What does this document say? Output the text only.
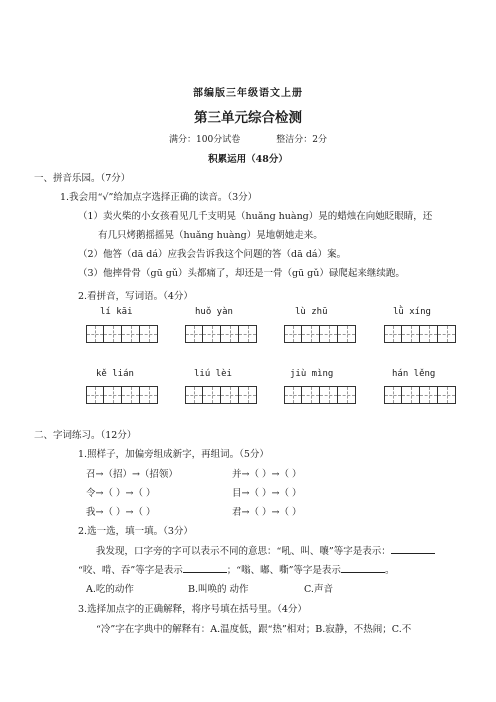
部编版三年级语文上册
第三单元综合检测
满分：100分试卷	整洁分：2分
积累运用（48分）
一、拼音乐园。（7分）
1.我会用“√”给加点字选择正确的读音。（3分）
（1）卖火柴的小女孩看见几千支明晃（huǎng huàng）晃的蜡烛在向她眨眼睛，还
有几只烤鹅摇摇晃（huǎng huàng）晃地朝她走来。
（2）他答（dā dá）应我会告诉我这个问题的答（dā dá）案。
（3）他摔骨骨（gū gǔ）头都痛了，却还是一骨（gū gǔ）碌爬起来继续跑。
2.看拼音，写词语。（4分）
lí kāi	huǒ yàn	lù zhū	lǜ xíng
kě lián	liú lèi	jiù mìng	hán lěng
二、字词练习。（12分）
1.照样子，加偏旁组成新字，再组词。（5分）
召→（招）→（招领）	并→（ ）→（ ）
令→（ ）→（ ）	目→（ ）→（ ）
我→（ ）→（ ）	君→（ ）→（ ）
2.选一选，填一填。（3分）
我发现，口字旁的字可以表示不同的意思：“吼、叫、嚷”等字是表示：
“咬、啃、吞”等字是表示	；“嗡、嘟、嘶”等字是表示	。
A.吃的动作	B.叫唤的 动作	C.声音
3.选择加点字的正确解释，将序号填在括号里。（4分）
“冷”字在字典中的解释有：A.温度低，跟“热”相对；B.寂静，不热闹；C.不
